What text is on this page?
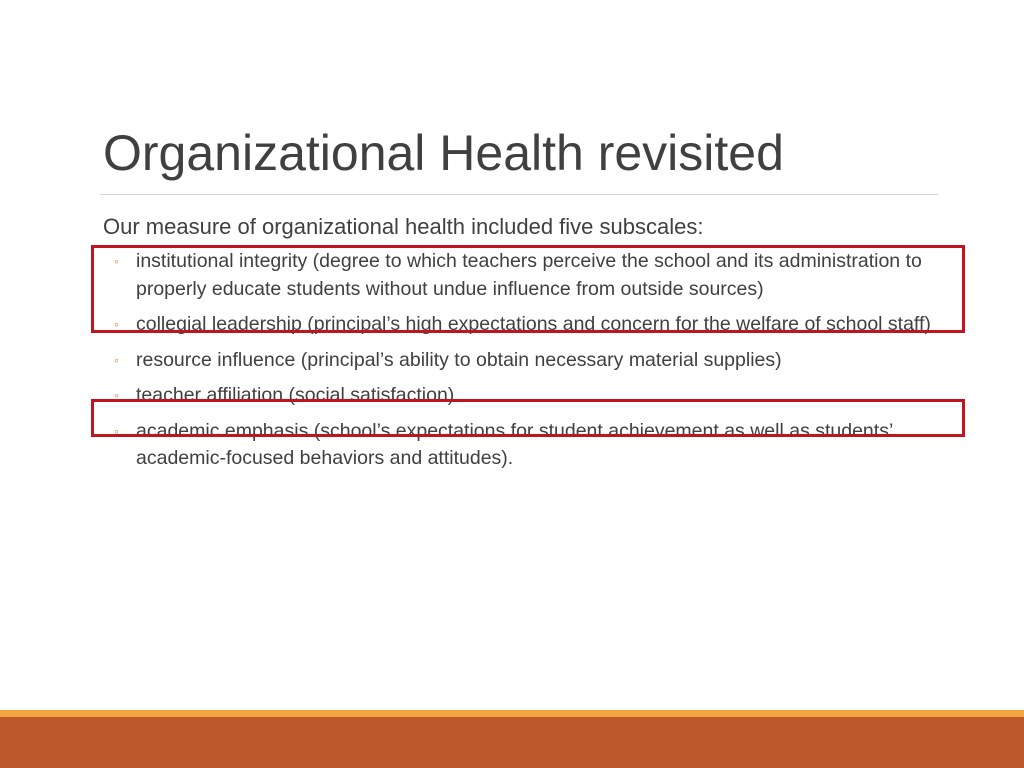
Organizational Health revisited
Our measure of organizational health included five subscales:
◦ institutional integrity (degree to which teachers perceive the school and its administration to properly educate students without undue influence from outside sources)
◦ collegial leadership (principal’s high expectations and concern for the welfare of school staff)
◦ resource influence (principal’s ability to obtain necessary material supplies)
◦ teacher affiliation (social satisfaction)
◦ academic emphasis (school’s expectations for student achievement as well as students’ academic-focused behaviors and attitudes).
